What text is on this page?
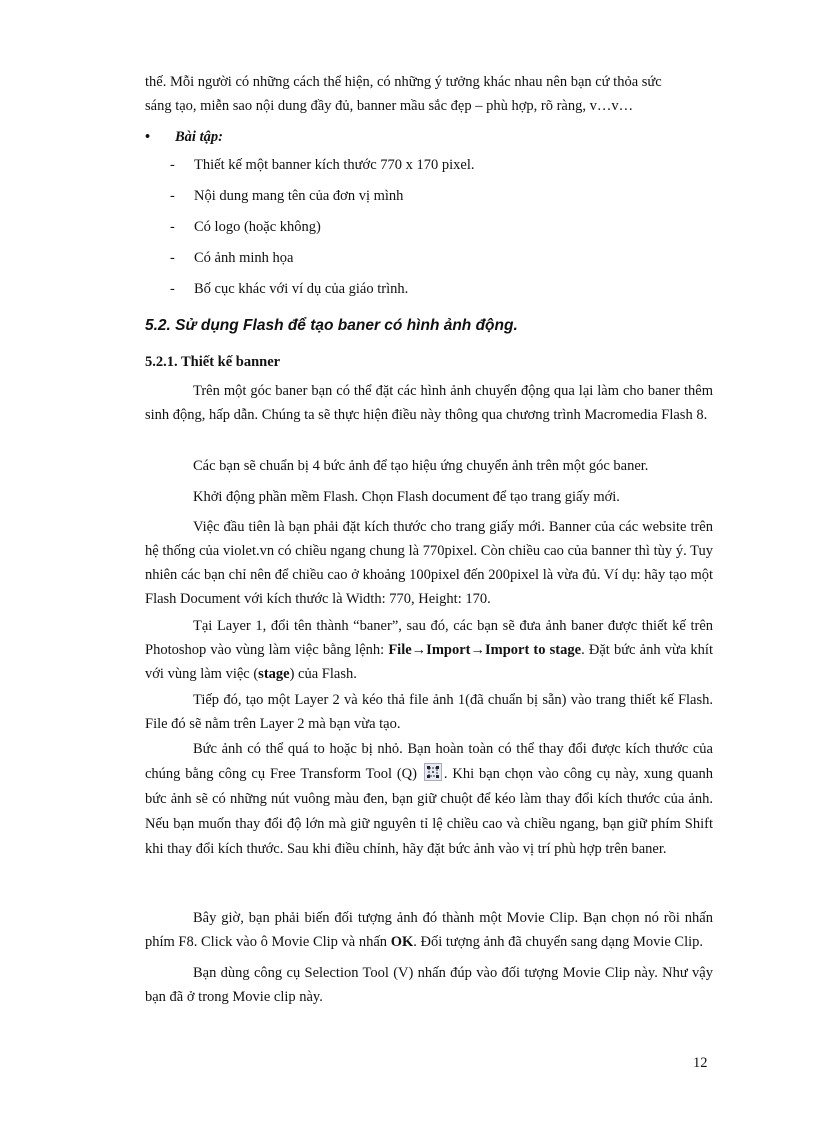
thế. Mỗi người có những cách thể hiện, có những ý tưởng khác nhau nên bạn cứ thỏa sức
sáng tạo, miễn sao nội dung đầy đủ, banner mầu sắc đẹp – phù hợp, rõ ràng, v…v…

• Bài tập:
- Thiết kế một banner kích thước 770 x 170 pixel.
- Nội dung mang tên của đơn vị mình
- Có logo (hoặc không)
- Có ảnh minh họa
- Bố cục khác với ví dụ của giáo trình.
5.2. Sử dụng Flash để tạo baner có hình ảnh động.
5.2.1. Thiết kế banner

Trên một góc baner bạn có thể đặt các hình ảnh chuyển động qua lại làm cho baner thêm sinh động, hấp dẫn. Chúng ta sẽ thực hiện điều này thông qua chương trình Macromedia Flash 8.

Các bạn sẽ chuẩn bị 4 bức ảnh để tạo hiệu ứng chuyển ảnh trên một góc baner.

Khởi động phần mềm Flash. Chọn Flash document để tạo trang giấy mới.

Việc đầu tiên là bạn phải đặt kích thước cho trang giấy mới. Banner của các website trên hệ thống của violet.vn có chiều ngang chung là 770pixel. Còn chiều cao của banner thì tùy ý. Tuy nhiên các bạn chỉ nên để chiều cao ở khoảng 100pixel đến 200pixel là vừa đủ. Ví dụ: hãy tạo một Flash Document với kích thước là Width: 770, Height: 170.

Tại Layer 1, đổi tên thành “baner”, sau đó, các bạn sẽ đưa ảnh baner được thiết kế trên Photoshop vào vùng làm việc bằng lệnh: File→Import→Import to stage. Đặt bức ảnh vừa khít với vùng làm việc (stage) của Flash.

Tiếp đó, tạo một Layer 2 và kéo thả file ảnh 1(đã chuẩn bị sẵn) vào trang thiết kế Flash. File đó sẽ nằm trên Layer 2 mà bạn vừa tạo.

Bức ảnh có thể quá to hoặc bị nhỏ. Bạn hoàn toàn có thể thay đổi được kích thước của chúng bằng công cụ Free Transform Tool (Q)
. Khi bạn chọn vào công cụ này, xung quanh bức ảnh sẽ có những nút vuông màu đen, bạn giữ chuột để kéo làm thay đổi kích thước của ảnh. Nếu bạn muốn thay đổi độ lớn mà giữ nguyên tỉ lệ chiều cao và chiều ngang, bạn giữ phím Shift khi thay đổi kích thước. Sau khi điều chỉnh, hãy đặt bức ảnh vào vị trí phù hợp trên baner.

Bây giờ, bạn phải biến đối tượng ảnh đó thành một Movie Clip. Bạn chọn nó rồi nhấn phím F8. Click vào ô Movie Clip và nhấn OK. Đối tượng ảnh đã chuyển sang dạng Movie Clip.

Bạn dùng công cụ Selection Tool (V) nhấn đúp vào đối tượng Movie Clip này. Như vậy bạn đã ở trong Movie clip này.

12
